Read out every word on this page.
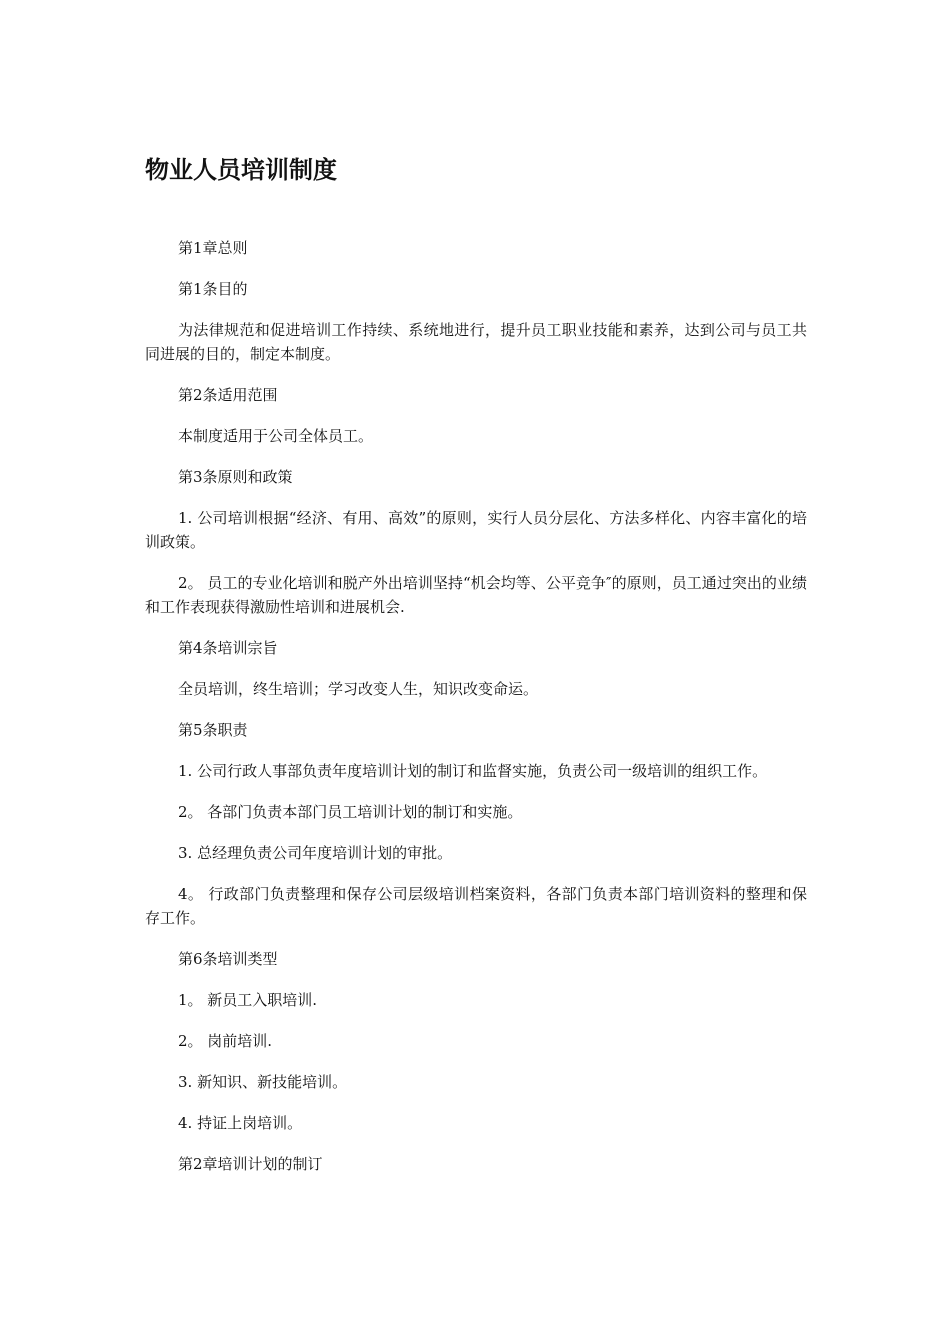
物业人员培训制度

第1章总则

第1条目的

为法律规范和促进培训工作持续、系统地进行，提升员工职业技能和素养，达到公司与员工共同进展的目的，制定本制度。

第2条适用范围

本制度适用于公司全体员工。

第3条原则和政策

1. 公司培训根据“经济、有用、高效”的原则，实行人员分层化、方法多样化、内容丰富化的培训政策。

2。 员工的专业化培训和脱产外出培训坚持“机会均等、公平竞争″的原则，员工通过突出的业绩和工作表现获得激励性培训和进展机会.

第4条培训宗旨

全员培训，终生培训；学习改变人生，知识改变命运。

第5条职责

1. 公司行政人事部负责年度培训计划的制订和监督实施，负责公司一级培训的组织工作。

2。 各部门负责本部门员工培训计划的制订和实施。

3. 总经理负责公司年度培训计划的审批。

4。 行政部门负责整理和保存公司层级培训档案资料，各部门负责本部门培训资料的整理和保存工作。

第6条培训类型

1。 新员工入职培训.

2。 岗前培训.

3. 新知识、新技能培训。

4. 持证上岗培训。

第2章培训计划的制订
